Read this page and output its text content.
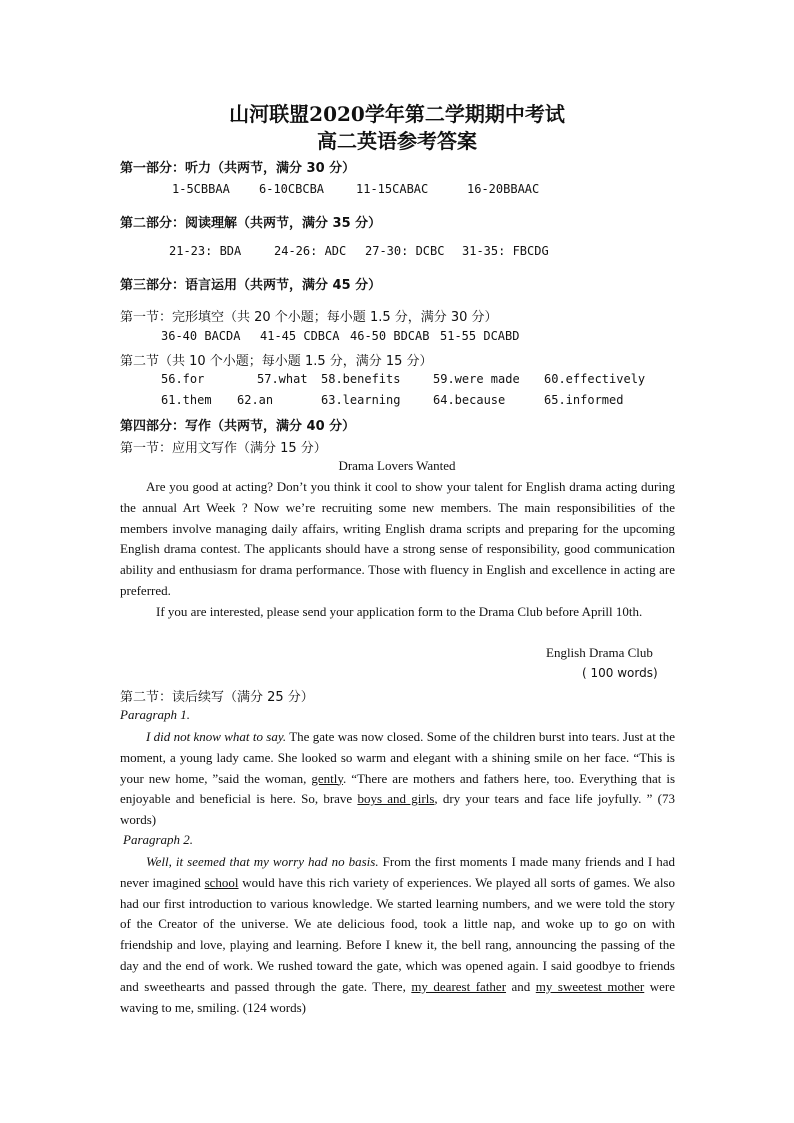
山河联盟2020学年第二学期期中考试
高二英语参考答案
第一部分：听力（共两节，满分 30 分）
1-5CBBAA 6-10CBCBA	11-15CABAC	16-20BBAAC
第二部分：阅读理解（共两节，满分 35 分）
21-23: BDA	24-26: ADC 27-30: DCBC 31-35: FBCDG
第三部分：语言运用（共两节，满分 45 分）
第一节：完形填空（共 20 个小题；每小题 1.5 分，满分 30 分）
36-40 BACDA 41-45 CDBCA 46-50 BDCAB 51-55 DCABD
第二节（共 10 个小题；每小题 1.5 分，满分 15 分）
56.for	57.what 58.benefits	59.were made 60.effectively
61.them 62.an	63.learning	64.because	65.informed
第四部分：写作（共两节，满分 40 分）
第一节：应用文写作（满分 15 分）
Drama Lovers Wanted

Are you good at acting? Don’t you think it cool to show your talent for English drama acting during the annual Art Week ? Now we’re recruiting some new members. The main responsibilities of the members involve managing daily affairs, writing English drama scripts and preparing for the upcoming English drama contest. The applicants should have a strong sense of responsibility, good communication ability and enthusiasm for drama performance. Those with fluency in English and excellence in acting are preferred.

If you are interested, please send your application form to the Drama Club before Aprill 10th.

English Drama Club
( 100 words)
第二节：读后续写（满分 25 分）
Paragraph 1.

I did not know what to say. The gate was now closed. Some of the children burst into tears. Just at the moment, a young lady came. She looked so warm and elegant with a shining smile on her face. “This is your new home, ”said the woman, gently. “There are mothers and fathers here, too. Everything that is enjoyable and beneficial is here. So, brave boys and girls, dry your tears and face life joyfully. ” (73 words)

Paragraph 2.

Well, it seemed that my worry had no basis. From the first moments I made many friends and I had never imagined school would have this rich variety of experiences. We played all sorts of games. We also had our first introduction to various knowledge. We started learning numbers, and we were told the story of the Creator of the universe. We ate delicious food, took a little nap, and woke up to go on with friendship and love, playing and learning. Before I knew it, the bell rang, announcing the passing of the day and the end of work. We rushed toward the gate, which was opened again. I said goodbye to friends and sweethearts and passed through the gate. There, my dearest father and my sweetest mother were waving to me, smiling. (124 words)
